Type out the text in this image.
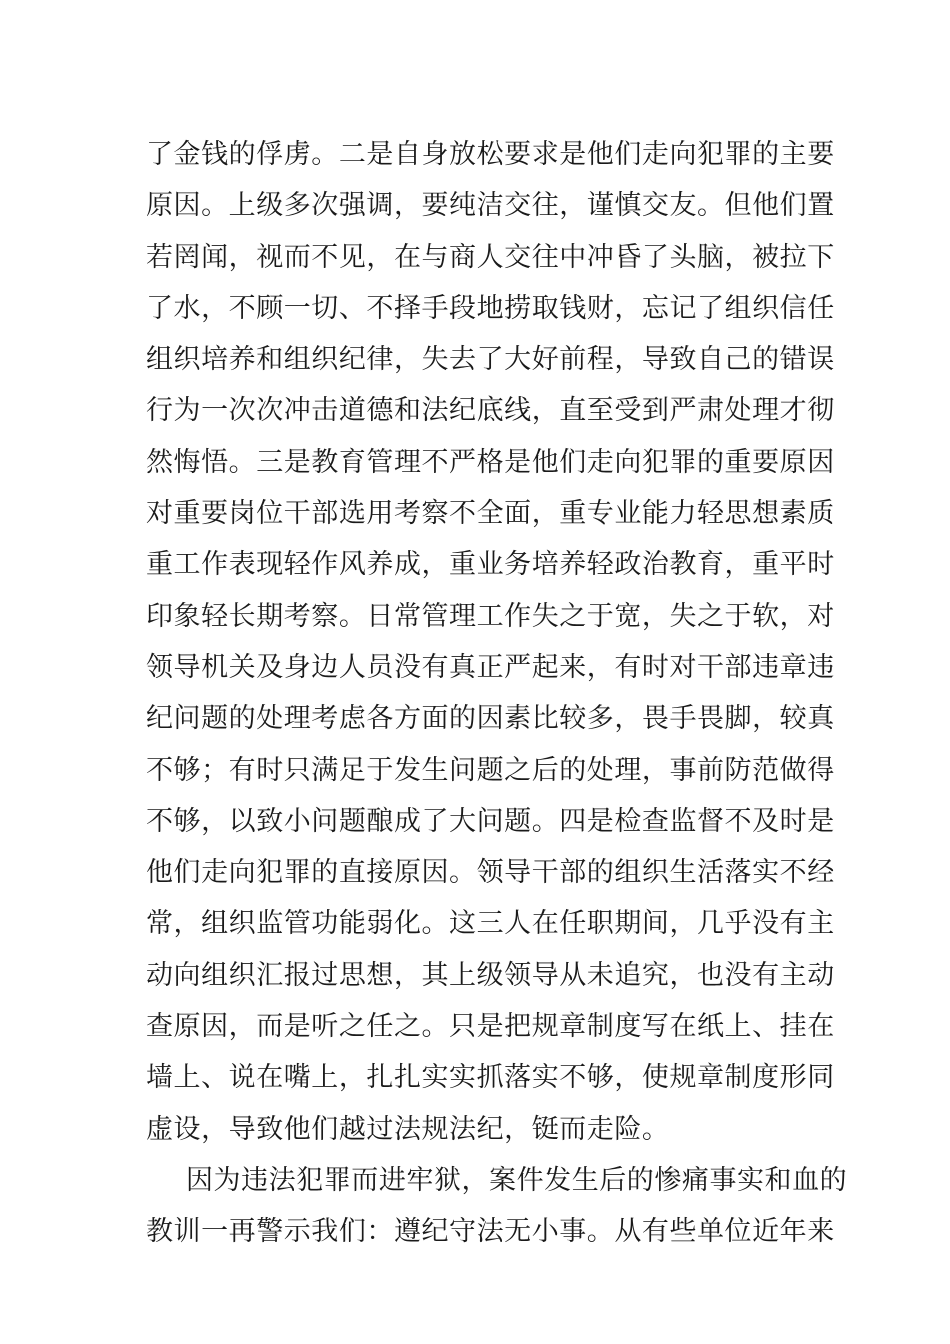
了金钱的俘虏。二是自身放松要求是他们走向犯罪的主要
原因。上级多次强调，要纯洁交往，谨慎交友。但他们置
若罔闻，视而不见，在与商人交往中冲昏了头脑，被拉下
了水，不顾一切、不择手段地捞取钱财，忘记了组织信任
组织培养和组织纪律，失去了大好前程，导致自己的错误
行为一次次冲击道德和法纪底线，直至受到严肃处理才彻
然悔悟。三是教育管理不严格是他们走向犯罪的重要原因
对重要岗位干部选用考察不全面，重专业能力轻思想素质
重工作表现轻作风养成，重业务培养轻政治教育，重平时
印象轻长期考察。日常管理工作失之于宽，失之于软，对
领导机关及身边人员没有真正严起来，有时对干部违章违
纪问题的处理考虑各方面的因素比较多，畏手畏脚，较真
不够；有时只满足于发生问题之后的处理，事前防范做得
不够，以致小问题酿成了大问题。四是检查监督不及时是
他们走向犯罪的直接原因。领导干部的组织生活落实不经
常，组织监管功能弱化。这三人在任职期间，几乎没有主
动向组织汇报过思想，其上级领导从未追究，也没有主动
查原因，而是听之任之。只是把规章制度写在纸上、挂在
墙上、说在嘴上，扎扎实实抓落实不够，使规章制度形同
虚设，导致他们越过法规法纪，铤而走险。
因为违法犯罪而进牢狱，案件发生后的惨痛事实和血的
教训一再警示我们：遵纪守法无小事。从有些单位近年来
